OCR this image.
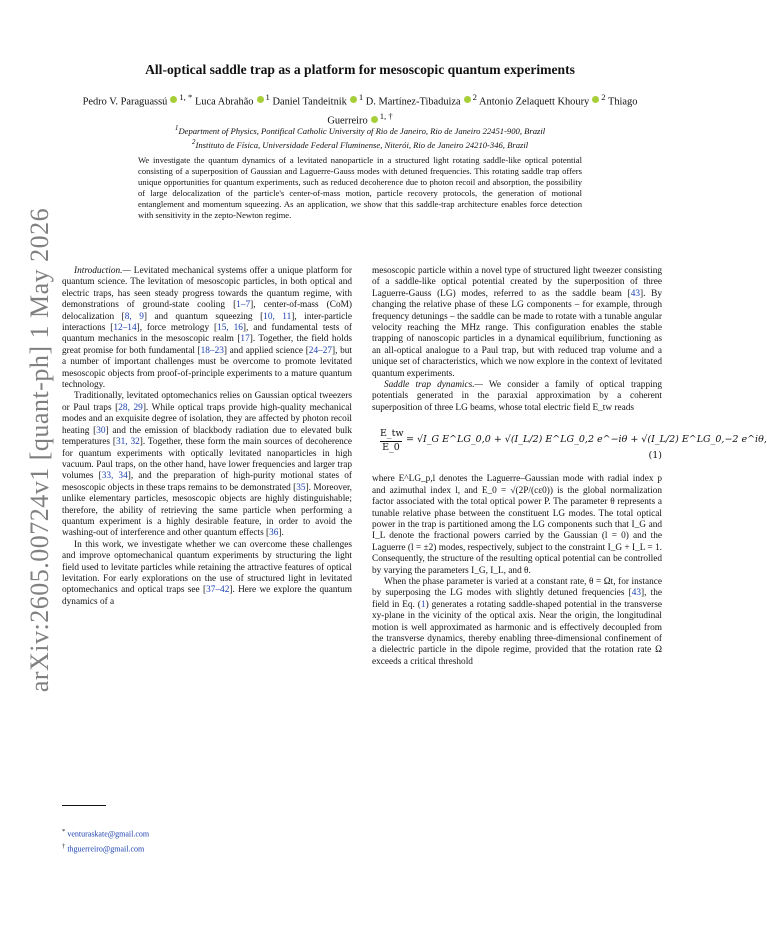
arXiv:2605.00724v1 [quant-ph] 1 May 2026
All-optical saddle trap as a platform for mesoscopic quantum experiments
Pedro V. Paraguassú $^{1, *}$ Luca Abrahão $^1$ Daniel Tandeitnik $^1$ D. Martínez-Tibaduiza $^2$ Antonio Zelaquett Khoury $^2$ Thiago Guerreiro $^{1, \dagger}$
$^1$Department of Physics, Pontifical Catholic University of Rio de Janeiro, Rio de Janeiro 22451-900, Brazil
$^2$Instituto de Física, Universidade Federal Fluminense, Niterói, Rio de Janeiro 24210-346, Brazil

We investigate the quantum dynamics of a levitated nanoparticle in a structured light rotating saddle-like optical potential consisting of a superposition of Gaussian and Laguerre-Gauss modes with detuned frequencies. This rotating saddle trap offers unique opportunities for quantum experiments, such as reduced decoherence due to photon recoil and absorption, the possibility of large delocalization of the particle's center-of-mass motion, particle recovery protocols, the generation of motional entanglement and momentum squeezing. As an application, we show that this saddle-trap architecture enables force detection with sensitivity in the zepto-Newton regime.

Introduction.— Levitated mechanical systems offer a unique platform for quantum science. The levitation of mesoscopic particles, in both optical and electric traps, has seen steady progress towards the quantum regime, with demonstrations of ground-state cooling [1–7], center-of-mass (CoM) delocalization [8, 9] and quantum squeezing [10, 11], inter-particle interactions [12–14], force metrology [15, 16], and fundamental tests of quantum mechanics in the mesoscopic realm [17]. Together, the field holds great promise for both fundamental [18–23] and applied science [24–27], but a number of important challenges must be overcome to promote levitated mesoscopic objects from proof-of-principle experiments to a mature quantum technology.

Traditionally, levitated optomechanics relies on Gaussian optical tweezers or Paul traps [28, 29]. While optical traps provide high-quality mechanical modes and an exquisite degree of isolation, they are affected by photon recoil heating [30] and the emission of blackbody radiation due to elevated bulk temperatures [31, 32]. Together, these form the main sources of decoherence for quantum experiments with optically levitated nanoparticles in high vacuum. Paul traps, on the other hand, have lower frequencies and larger trap volumes [33, 34], and the preparation of high-purity motional states of mesoscopic objects in these traps remains to be demonstrated [35]. Moreover, unlike elementary particles, mesoscopic objects are highly distinguishable; therefore, the ability of retrieving the same particle when performing a quantum experiment is a highly desirable feature, in order to avoid the washing-out of interference and other quantum effects [36].

In this work, we investigate whether we can overcome these challenges and improve optomechanical quantum experiments by structuring the light field used to levitate particles while retaining the attractive features of optical levitation. For early explorations on the use of structured light in levitated optomechanics and optical traps see [37–42]. Here we explore the quantum dynamics of a

mesoscopic particle within a novel type of structured light tweezer consisting of a saddle-like optical potential created by the superposition of three Laguerre-Gauss (LG) modes, referred to as the saddle beam [43]. By changing the relative phase of these LG components – for example, through frequency detunings – the saddle can be made to rotate with a tunable angular velocity reaching the MHz range. This configuration enables the stable trapping of nanoscopic particles in a dynamical equilibrium, functioning as an all-optical analogue to a Paul trap, but with reduced trap volume and a unique set of characteristics, which we now explore in the context of levitated quantum experiments.

Saddle trap dynamics.— We consider a family of optical trapping potentials generated in the paraxial approximation by a coherent superposition of three LG beams, whose total electric field E_tw reads

$\frac{E\_tw}{E\_0}$ = √I_G E^LG_0,0 + √(I_L/2) E^LG_0,2 e^−iθ + √(I_L/2) E^LG_0,−2 e^iθ,
(1)

where E^LG_p,l denotes the Laguerre–Gaussian mode with radial index p and azimuthal index l, and E_0 = √(2P/(cε0)) is the global normalization factor associated with the total optical power P. The parameter θ represents a tunable relative phase between the constituent LG modes. The total optical power in the trap is partitioned among the LG components such that I_G and I_L denote the fractional powers carried by the Gaussian (l = 0) and the Laguerre (l = ±2) modes, respectively, subject to the constraint I_G + I_L = 1. Consequently, the structure of the resulting optical potential can be controlled by varying the parameters I_G, I_L, and θ.

When the phase parameter is varied at a constant rate, θ = Ωt, for instance by superposing the LG modes with slightly detuned frequencies [43], the field in Eq. (1) generates a rotating saddle-shaped potential in the transverse xy-plane in the vicinity of the optical axis. Near the origin, the longitudinal motion is well approximated as harmonic and is effectively decoupled from the transverse dynamics, thereby enabling three-dimensional confinement of a dielectric particle in the dipole regime, provided that the rotation rate Ω exceeds a critical threshold

* venturaskate@gmail.com
† thguerreiro@gmail.com
